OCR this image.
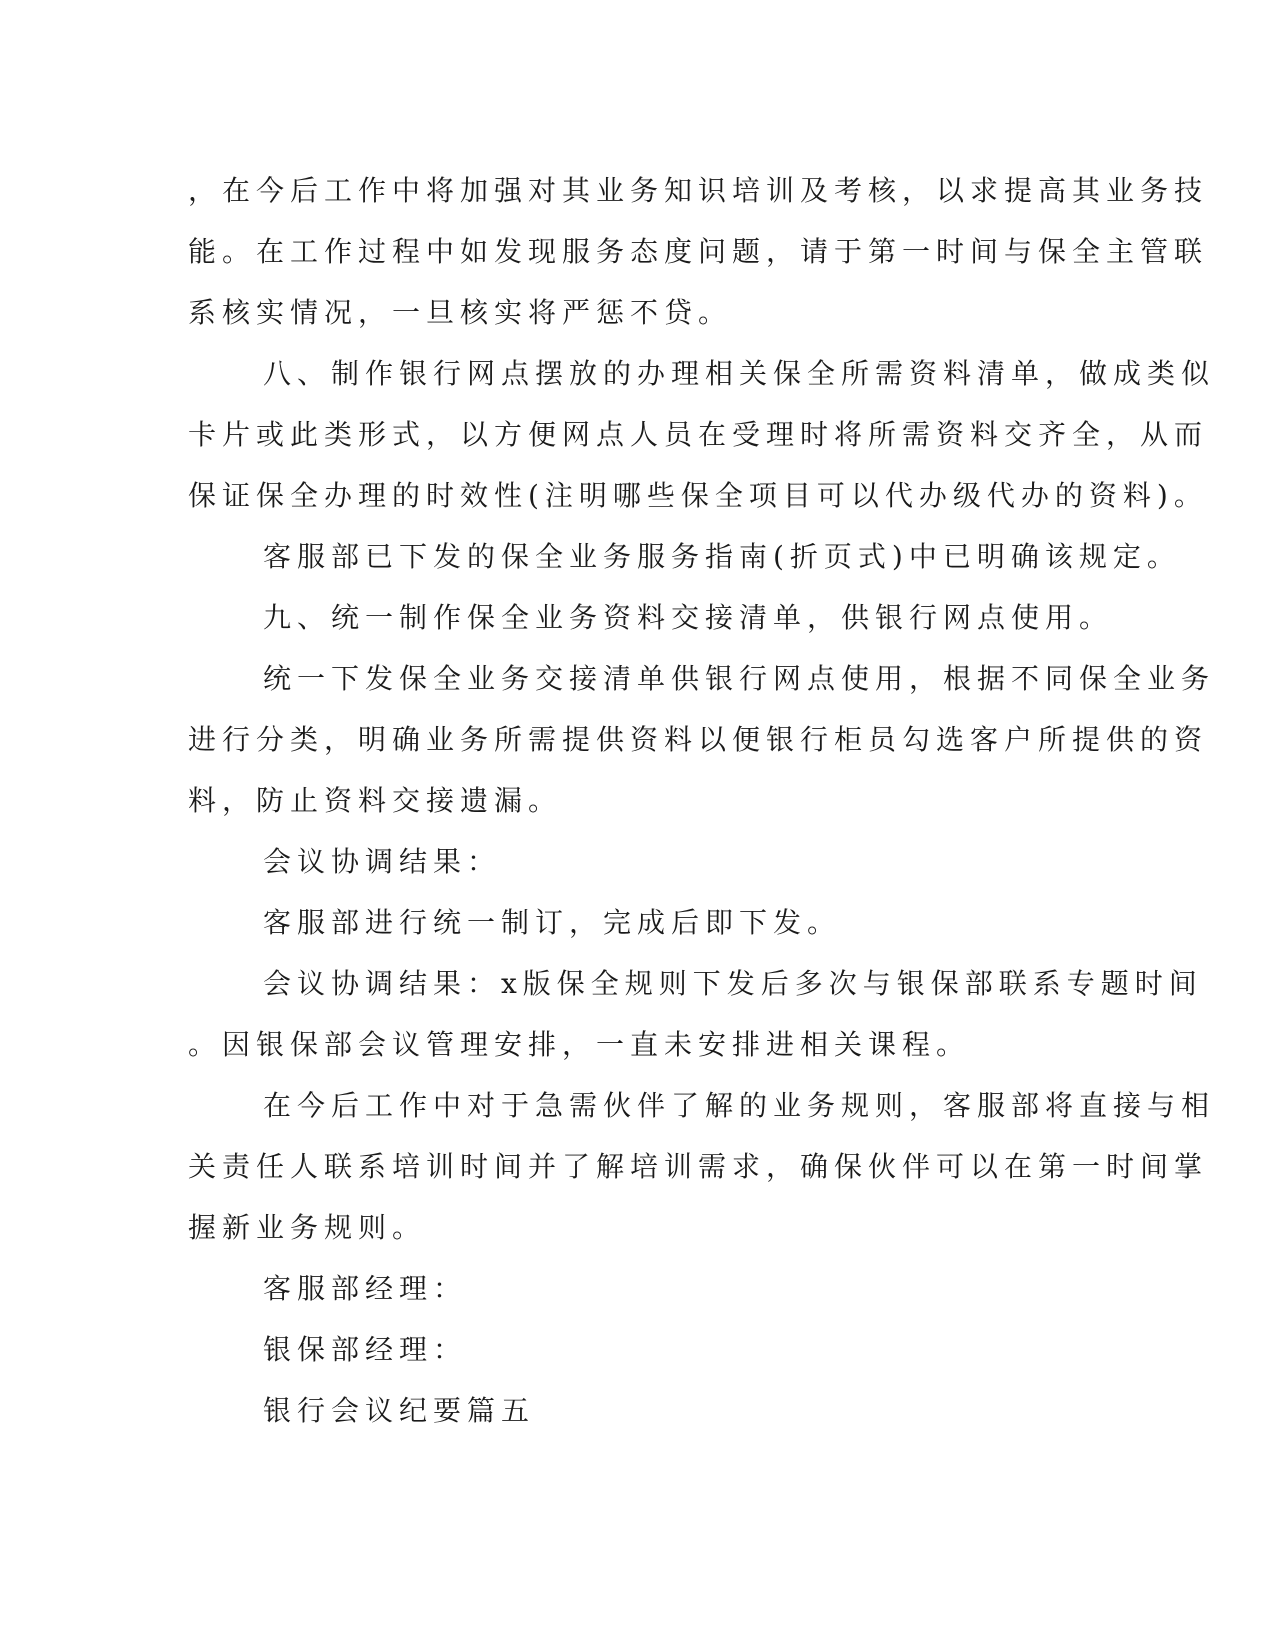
，在今后工作中将加强对其业务知识培训及考核，以求提高其业务技
能。在工作过程中如发现服务态度问题，请于第一时间与保全主管联
系核实情况，一旦核实将严惩不贷。
八、制作银行网点摆放的办理相关保全所需资料清单，做成类似
卡片或此类形式，以方便网点人员在受理时将所需资料交齐全，从而
保证保全办理的时效性(注明哪些保全项目可以代办级代办的资料)。
客服部已下发的保全业务服务指南(折页式)中已明确该规定。
九、统一制作保全业务资料交接清单，供银行网点使用。
统一下发保全业务交接清单供银行网点使用，根据不同保全业务
进行分类，明确业务所需提供资料以便银行柜员勾选客户所提供的资
料，防止资料交接遗漏。
会议协调结果：
客服部进行统一制订，完成后即下发。
会议协调结果：x版保全规则下发后多次与银保部联系专题时间
。因银保部会议管理安排，一直未安排进相关课程。
在今后工作中对于急需伙伴了解的业务规则，客服部将直接与相
关责任人联系培训时间并了解培训需求，确保伙伴可以在第一时间掌
握新业务规则。
客服部经理：
银保部经理：
银行会议纪要篇五
